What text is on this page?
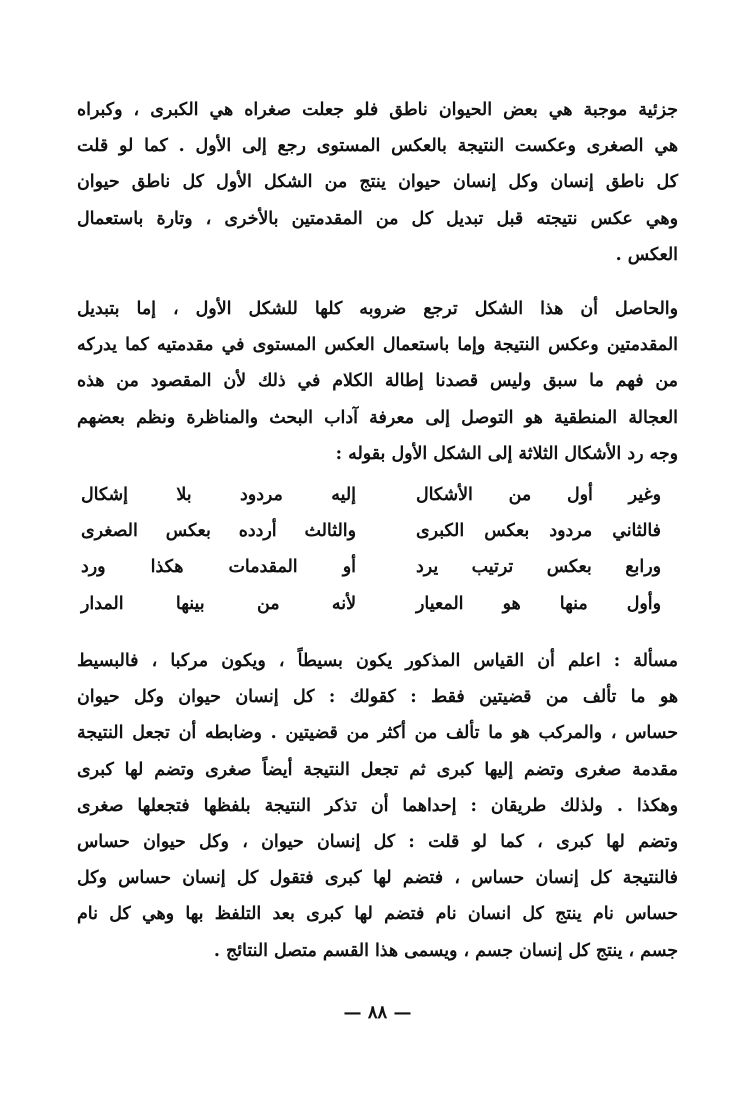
جزئية موجبة هي بعض الحيوان ناطق فلو جعلت صغراه هي الكبرى ، وكبراه
هي الصغرى وعكست النتيجة بالعكس المستوى رجع إلى الأول . كما لو قلت
كل ناطق إنسان وكل إنسان حيوان ينتج من الشكل الأول كل ناطق حيوان
وهي عكس نتيجته قبل تبديل كل من المقدمتين بالأخرى ، وتارة باستعمال
العكس .
والحاصل أن هذا الشكل ترجع ضروبه كلها للشكل الأول ، إما بتبديل
المقدمتين وعكس النتيجة وإما باستعمال العكس المستوى في مقدمتيه كما يدركه
من فهم ما سبق وليس قصدنا إطالة الكلام في ذلك لأن المقصود من هذه
العجالة المنطقية هو التوصل إلى معرفة آداب البحث والمناظرة ونظم بعضهم
وجه رد الأشكال الثلاثة إلى الشكل الأول بقوله :
وغير أول من الأشكال
إليه مردود بلا إشكال
فالثاني مردود بعكس الكبرى
والثالث أردده بعكس الصغرى
ورابع بعكس ترتيب يرد
أو المقدمات هكذا ورد
وأول منها هو المعيار
لأنه من بينها المدار
مسألة : اعلم أن القياس المذكور يكون بسيطاً ، ويكون مركبا ، فالبسيط
هو ما تألف من قضيتين فقط : كقولك : كل إنسان حيوان وكل حيوان
حساس ، والمركب هو ما تألف من أكثر من قضيتين . وضابطه أن تجعل النتيجة
مقدمة صغرى وتضم إليها كبرى ثم تجعل النتيجة أيضاً صغرى وتضم لها كبرى
وهكذا . ولذلك طريقان : إحداهما أن تذكر النتيجة بلفظها فتجعلها صغرى
وتضم لها كبرى ، كما لو قلت : كل إنسان حيوان ، وكل حيوان حساس
فالنتيجة كل إنسان حساس ، فتضم لها كبرى فتقول كل إنسان حساس وكل
حساس نام ينتج كل انسان نام فتضم لها كبرى بعد التلفظ بها وهي كل نام
جسم ، ينتج كل إنسان جسم ، ويسمى هذا القسم متصل النتائج .
— ٨٨ —
